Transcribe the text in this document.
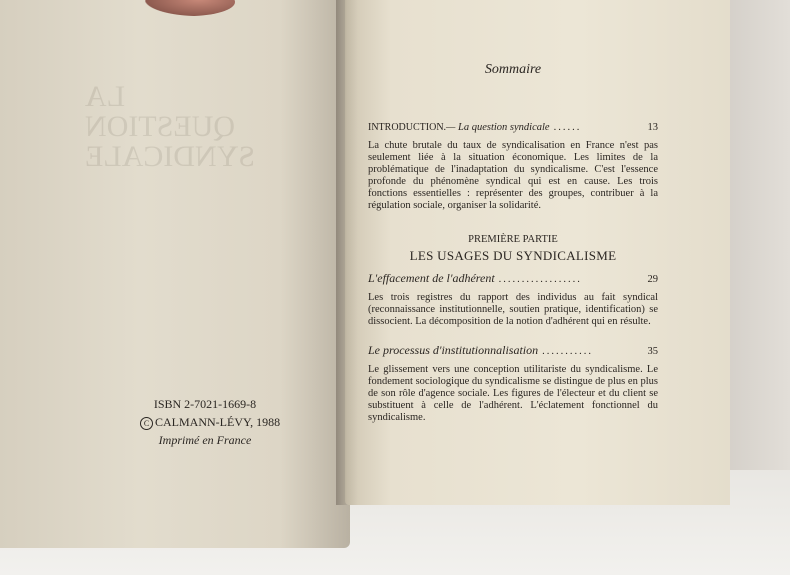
LA QUESTION SYNDICALE
ISBN 2-7021-1669-8
C CALMANN-LÉVY, 1988
Imprimé en France
Sommaire
INTRODUCTION. — La question syndicale ......	13

La chute brutale du taux de syndicalisation en France n'est pas seulement liée à la situation économique. Les limites de la problématique de l'inadaptation du syndicalisme. C'est l'essence profonde du phénomène syndical qui est en cause. Les trois fonctions essentielles : représenter des groupes, contribuer à la régulation sociale, organiser la solidarité.

PREMIÈRE PARTIE
LES USAGES DU SYNDICALISME
L'effacement de l'adhérent ..................	29

Les trois registres du rapport des individus au fait syndical (reconnaissance institutionnelle, soutien pratique, identification) se dissocient. La décomposition de la notion d'adhérent qui en résulte.

Le processus d'institutionnalisation ...........	35

Le glissement vers une conception utilitariste du syndicalisme. Le fondement sociologique du syndicalisme se distingue de plus en plus de son rôle d'agence sociale. Les figures de l'électeur et du client se substituent à celle de l'adhérent. L'éclatement fonctionnel du syndicalisme.
